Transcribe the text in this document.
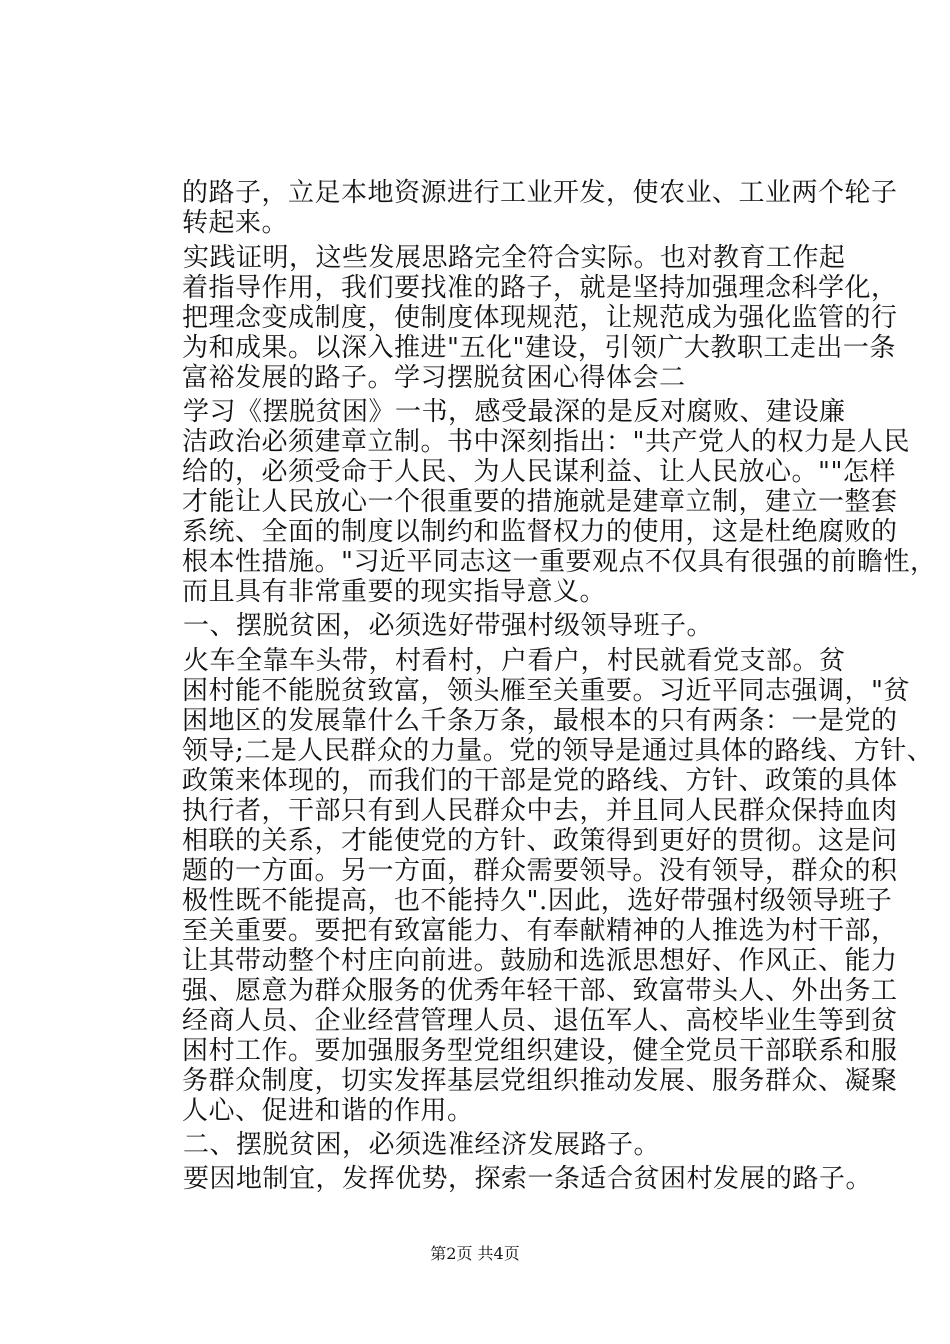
的路子，立足本地资源进行工业开发，使农业、工业两个轮子
转起来。
实践证明，这些发展思路完全符合实际。也对教育工作起
着指导作用，我们要找准的路子，就是坚持加强理念科学化，
把理念变成制度，使制度体现规范，让规范成为强化监管的行
为和成果。以深入推进"五化"建设，引领广大教职工走出一条
富裕发展的路子。学习摆脱贫困心得体会二
学习《摆脱贫困》一书，感受最深的是反对腐败、建设廉
洁政治必须建章立制。书中深刻指出："共产党人的权力是人民
给的，必须受命于人民、为人民谋利益、让人民放心。""怎样
才能让人民放心一个很重要的措施就是建章立制，建立一整套
系统、全面的制度以制约和监督权力的使用，这是杜绝腐败的
根本性措施。"习近平同志这一重要观点不仅具有很强的前瞻性，
而且具有非常重要的现实指导意义。
一、摆脱贫困，必须选好带强村级领导班子。
火车全靠车头带，村看村，户看户，村民就看党支部。贫
困村能不能脱贫致富，领头雁至关重要。习近平同志强调，"贫
困地区的发展靠什么千条万条，最根本的只有两条：一是党的
领导;二是人民群众的力量。党的领导是通过具体的路线、方针、
政策来体现的，而我们的干部是党的路线、方针、政策的具体
执行者，干部只有到人民群众中去，并且同人民群众保持血肉
相联的关系，才能使党的方针、政策得到更好的贯彻。这是问
题的一方面。另一方面，群众需要领导。没有领导，群众的积
极性既不能提高，也不能持久".因此，选好带强村级领导班子
至关重要。要把有致富能力、有奉献精神的人推选为村干部，
让其带动整个村庄向前进。鼓励和选派思想好、作风正、能力
强、愿意为群众服务的优秀年轻干部、致富带头人、外出务工
经商人员、企业经营管理人员、退伍军人、高校毕业生等到贫
困村工作。要加强服务型党组织建设，健全党员干部联系和服
务群众制度，切实发挥基层党组织推动发展、服务群众、凝聚
人心、促进和谐的作用。
二、摆脱贫困，必须选准经济发展路子。
要因地制宜，发挥优势，探索一条适合贫困村发展的路子。
第2页 共4页
